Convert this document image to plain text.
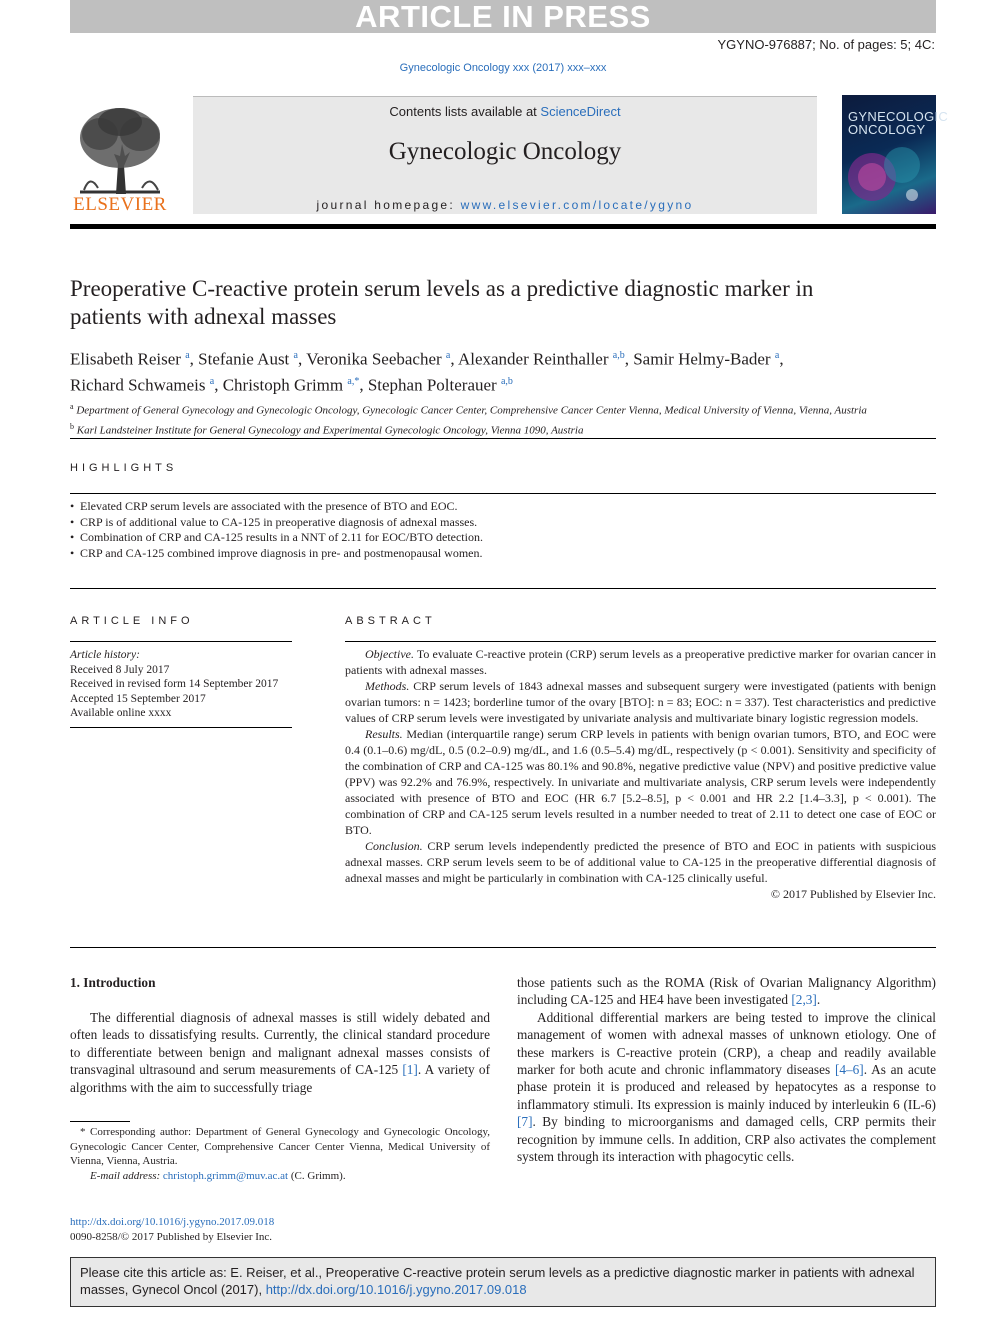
ARTICLE IN PRESS
YGYNO-976887; No. of pages: 5; 4C:
Gynecologic Oncology xxx (2017) xxx–xxx
ELSEVIER
Contents lists available at ScienceDirect
Gynecologic Oncology
journal homepage: www.elsevier.com/locate/ygyno
GYNECOLOGIC ONCOLOGY
Preoperative C-reactive protein serum levels as a predictive diagnostic marker in patients with adnexal masses
Elisabeth Reiser $^a$, Stefanie Aust $^a$, Veronika Seebacher $^a$, Alexander Reinthaller $^{a,b}$, Samir Helmy-Bader $^a$,
Richard Schwameis $^a$, Christoph Grimm $^{a,*}$, Stephan Polterauer $^{a,b}$
$^a$ Department of General Gynecology and Gynecologic Oncology, Gynecologic Cancer Center, Comprehensive Cancer Center Vienna, Medical University of Vienna, Vienna, Austria
$^b$ Karl Landsteiner Institute for General Gynecology and Experimental Gynecologic Oncology, Vienna 1090, Austria
HIGHLIGHTS
• Elevated CRP serum levels are associated with the presence of BTO and EOC.
• CRP is of additional value to CA-125 in preoperative diagnosis of adnexal masses.
• Combination of CRP and CA-125 results in a NNT of 2.11 for EOC/BTO detection.
• CRP and CA-125 combined improve diagnosis in pre- and postmenopausal women.
ARTICLE INFO
Article history:
Received 8 July 2017
Received in revised form 14 September 2017
Accepted 15 September 2017
Available online xxxx
ABSTRACT

Objective. To evaluate C-reactive protein (CRP) serum levels as a preoperative predictive marker for ovarian cancer in patients with adnexal masses.

Methods. CRP serum levels of 1843 adnexal masses and subsequent surgery were investigated (patients with benign ovarian tumors: n = 1423; borderline tumor of the ovary [BTO]: n = 83; EOC: n = 337). Test characteristics and predictive values of CRP serum levels were investigated by univariate analysis and multivariate binary logistic regression models.

Results. Median (interquartile range) serum CRP levels in patients with benign ovarian tumors, BTO, and EOC were 0.4 (0.1–0.6) mg/dL, 0.5 (0.2–0.9) mg/dL, and 1.6 (0.5–5.4) mg/dL, respectively (p < 0.001). Sensitivity and specificity of the combination of CRP and CA-125 was 80.1% and 90.8%, negative predictive value (NPV) and positive predictive value (PPV) was 92.2% and 76.9%, respectively. In univariate and multivariate analysis, CRP serum levels were independently associated with presence of BTO and EOC (HR 6.7 [5.2–8.5], p < 0.001 and HR 2.2 [1.4–3.3], p < 0.001). The combination of CRP and CA-125 serum levels resulted in a number needed to treat of 2.11 to detect one case of EOC or BTO.

Conclusion. CRP serum levels independently predicted the presence of BTO and EOC in patients with suspicious adnexal masses. CRP serum levels seem to be of additional value to CA-125 in the preoperative differential diagnosis of adnexal masses and might be particularly in combination with CA-125 clinically useful.

© 2017 Published by Elsevier Inc.
1. Introduction

The differential diagnosis of adnexal masses is still widely debated and often leads to dissatisfying results. Currently, the clinical standard procedure to differentiate between benign and malignant adnexal masses consists of transvaginal ultrasound and serum measurements of CA-125 [1]. A variety of algorithms with the aim to successfully triage

those patients such as the ROMA (Risk of Ovarian Malignancy Algorithm) including CA-125 and HE4 have been investigated [2,3].

Additional differential markers are being tested to improve the clinical management of women with adnexal masses of unknown etiology. One of these markers is C-reactive protein (CRP), a cheap and readily available marker for both acute and chronic inflammatory diseases [4–6]. As an acute phase protein it is produced and released by hepatocytes as a response to inflammatory stimuli. Its expression is mainly induced by interleukin 6 (IL-6) [7]. By binding to microorganisms and damaged cells, CRP permits their recognition by immune cells. In addition, CRP also activates the complement system through its interaction with phagocytic cells.

* Corresponding author: Department of General Gynecology and Gynecologic Oncology, Gynecologic Cancer Center, Comprehensive Cancer Center Vienna, Medical University of Vienna, Vienna, Austria.
E-mail address: christoph.grimm@muv.ac.at (C. Grimm).
http://dx.doi.org/10.1016/j.ygyno.2017.09.018
0090-8258/© 2017 Published by Elsevier Inc.
Please cite this article as: E. Reiser, et al., Preoperative C-reactive protein serum levels as a predictive diagnostic marker in patients with adnexal masses, Gynecol Oncol (2017), http://dx.doi.org/10.1016/j.ygyno.2017.09.018
